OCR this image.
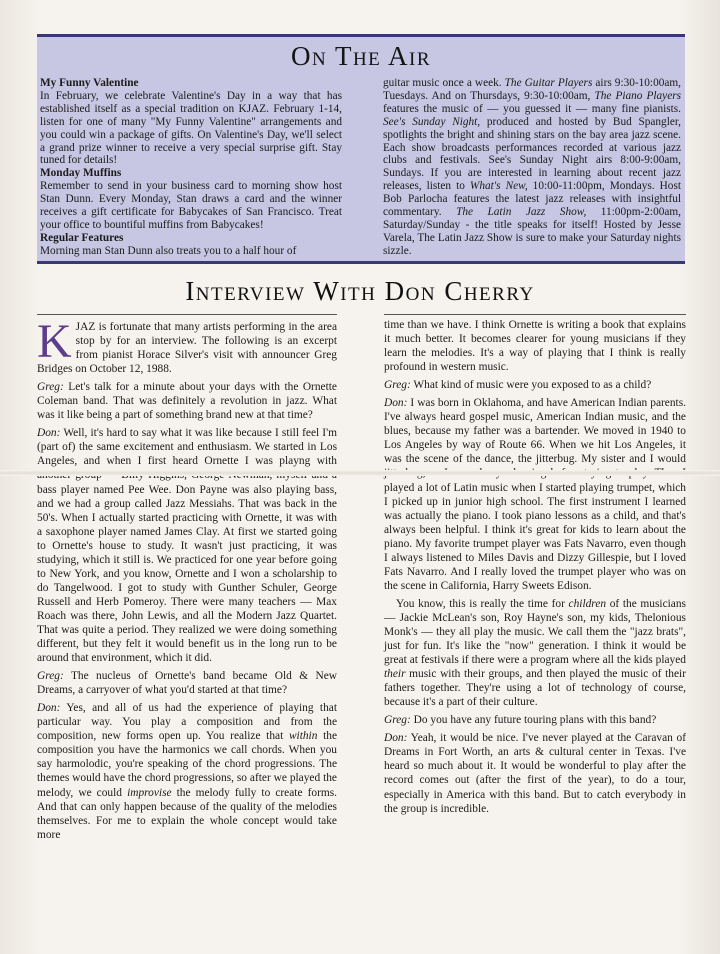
On The Air
My Funny Valentine

In February, we celebrate Valentine's Day in a way that has established itself as a special tradition on KJAZ. February 1-14, listen for one of many "My Funny Valentine" arrangements and you could win a package of gifts. On Valentine's Day, we'll select a grand prize winner to receive a very special surprise gift. Stay tuned for details!

Monday Muffins

Remember to send in your business card to morning show host Stan Dunn. Every Monday, Stan draws a card and the winner receives a gift certificate for Babycakes of San Francisco. Treat your office to bountiful muffins from Babycakes!

Regular Features

Morning man Stan Dunn also treats you to a half hour of

guitar music once a week. The Guitar Players airs 9:30-10:00am, Tuesdays. And on Thursdays, 9:30-10:00am, The Piano Players features the music of — you guessed it — many fine pianists. See's Sunday Night, produced and hosted by Bud Spangler, spotlights the bright and shining stars on the bay area jazz scene. Each show broadcasts performances recorded at various jazz clubs and festivals. See's Sunday Night airs 8:00-9:00am, Sundays. If you are interested in learning about recent jazz releases, listen to What's New, 10:00-11:00pm, Mondays. Host Bob Parlocha features the latest jazz releases with insightful commentary. The Latin Jazz Show, 11:00pm-2:00am, Saturday/Sunday - the title speaks for itself! Hosted by Jesse Varela, The Latin Jazz Show is sure to make your Saturday nights sizzle.

Interview With Don Cherry

KJAZ is fortunate that many artists performing in the area stop by for an interview. The following is an excerpt from pianist Horace Silver's visit with announcer Greg Bridges on October 12, 1988.

Greg: Let's talk for a minute about your days with the Ornette Coleman band. That was definitely a revolution in jazz. What was it like being a part of something brand new at that time?

Don: Well, it's hard to say what it was like because I still feel I'm (part of) the same excitement and enthusiasm. We started in Los Angeles, and when I first heard Ornette I was playng with bass player named Pee Wee. Don Payne was also playing bass, and we had a group called Jazz Messiahs. That was back in the 50's. When I actually started practicing with Ornette, it was with a saxophone player named James Clay. At first we started going to Ornette's house to study. It wasn't just practicing, it was studying, which it still is. We practiced for one year before going to New York, and you know, Ornette and I won a scholarship to do Tangelwood. I got to study with Gunther Schuler, George Russell and Herb Pomeroy. There were many teachers — Max Roach was there, John Lewis, and all the Modern Jazz Quartet. That was quite a period. They realized we were doing something different, but they felt it would benefit us in the long run to be around that environment, which it did.

Greg: The nucleus of Ornette's band became Old & New Dreams, a carryover of what you'd started at that time?

Don: Yes, and all of us had the experience of playing that particular way. You play a composition and from the composition, new forms open up. You realize that within the composition you have the harmonics we call chords. When you say harmolodic, you're speaking of the chord progressions. The themes would have the chord progressions, so after we played the melody, we could improvise the melody fully to create forms. And that can only happen because of the quality of the melodies themselves. For me to explain the whole concept would take more

time than we have. I think Ornette is writing a book that explains it much better. It becomes clearer for young musicians if they learn the melodies. It's a way of playing that I think is really profound in western music.

Greg: What kind of music were you exposed to as a child?

Don: I was born in Oklahoma, and have American Indian parents. I've always heard gospel music, American Indian music, and the blues, because my father was a bartender. We moved in 1940 to Los Angeles by way of Route 66. When we hit Los Angeles, it was the scene of the dance, the jitterbug. My sister and I would played a lot of Latin music when I started playing trumpet, which I picked up in junior high school. The first instrument I learned was actually the piano. I took piano lessons as a child, and that's always been helpful. I think it's great for kids to learn about the piano. My favorite trumpet player was Fats Navarro, even though I always listened to Miles Davis and Dizzy Gillespie, but I loved Fats Navarro. And I really loved the trumpet player who was on the scene in California, Harry Sweets Edison.

You know, this is really the time for children of the musicians — Jackie McLean's son, Roy Hayne's son, my kids, Thelonious Monk's — they all play the music. We call them the "jazz brats", just for fun. It's like the "now" generation. I think it would be great at festivals if there were a program where all the kids played their music with their groups, and then played the music of their fathers together. They're using a lot of technology of course, because it's a part of their culture.

Greg: Do you have any future touring plans with this band?

Don: Yeah, it would be nice. I've never played at the Caravan of Dreams in Fort Worth, an arts & cultural center in Texas. I've heard so much about it. It would be wonderful to play after the record comes out (after the first of the year), to do a tour, especially in America with this band. But to catch everybody in the group is incredible.
